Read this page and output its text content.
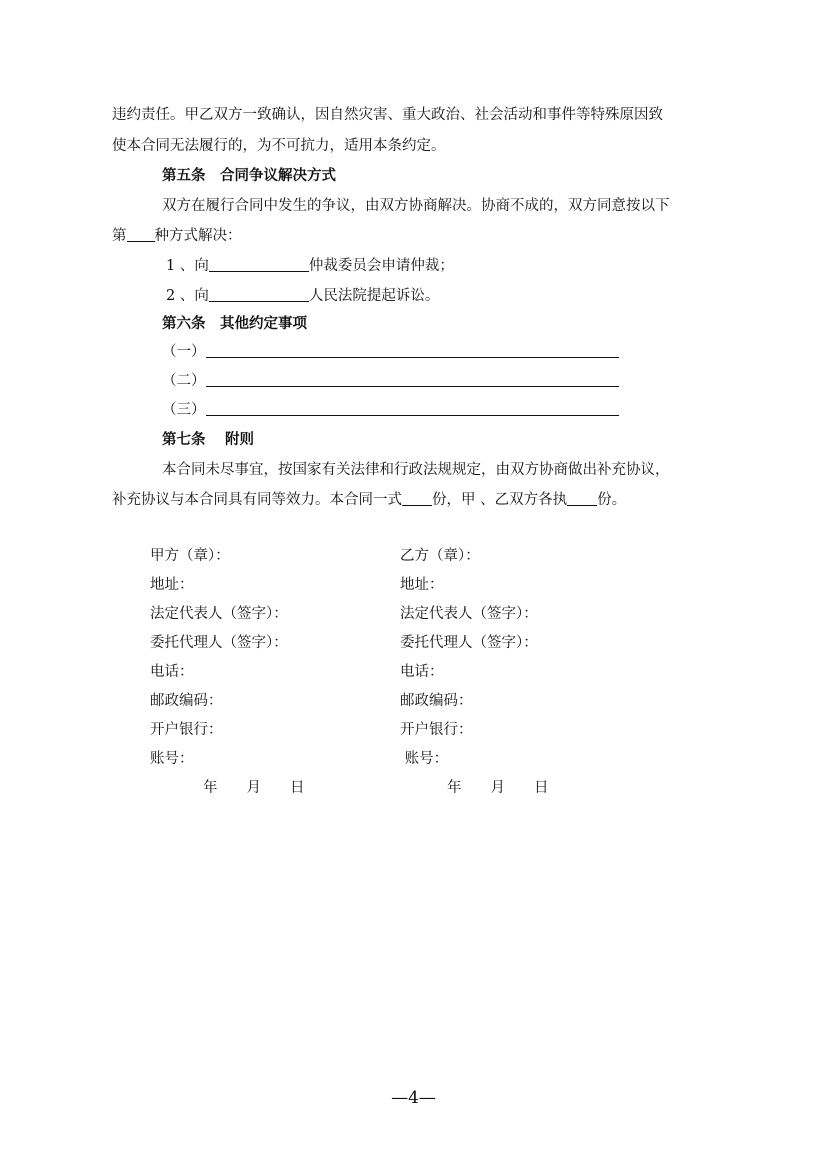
违约责任。甲乙双方一致确认，因自然灾害、重大政治、社会活动和事件等特殊原因致
使本合同无法履行的，为不可抗力，适用本条约定。
第五条　合同争议解决方式
双方在履行合同中发生的争议，由双方协商解决。协商不成的，双方同意按以下
第 种方式解决：
1 、向	仲裁委员会申请仲裁；
2 、向	人民法院提起诉讼。
第六条　其他约定事项
（一）
（二）
（三）
第七条　 附则
本合同未尽事宜，按国家有关法律和行政法规规定，由双方协商做出补充协议，
补充协议与本合同具有同等效力。本合同一式 份，甲 、乙双方各执 份。
甲方（章）：
地址：
法定代表人（签字）：
委托代理人（签字）：
电话：
邮政编码：
开户银行：
账号：
年　　月　　日
乙方（章）：
地址：
法定代表人（签字）：
委托代理人（签字）：
电话：
邮政编码：
开户银行：
账号：
年　　月　　日
—4—
